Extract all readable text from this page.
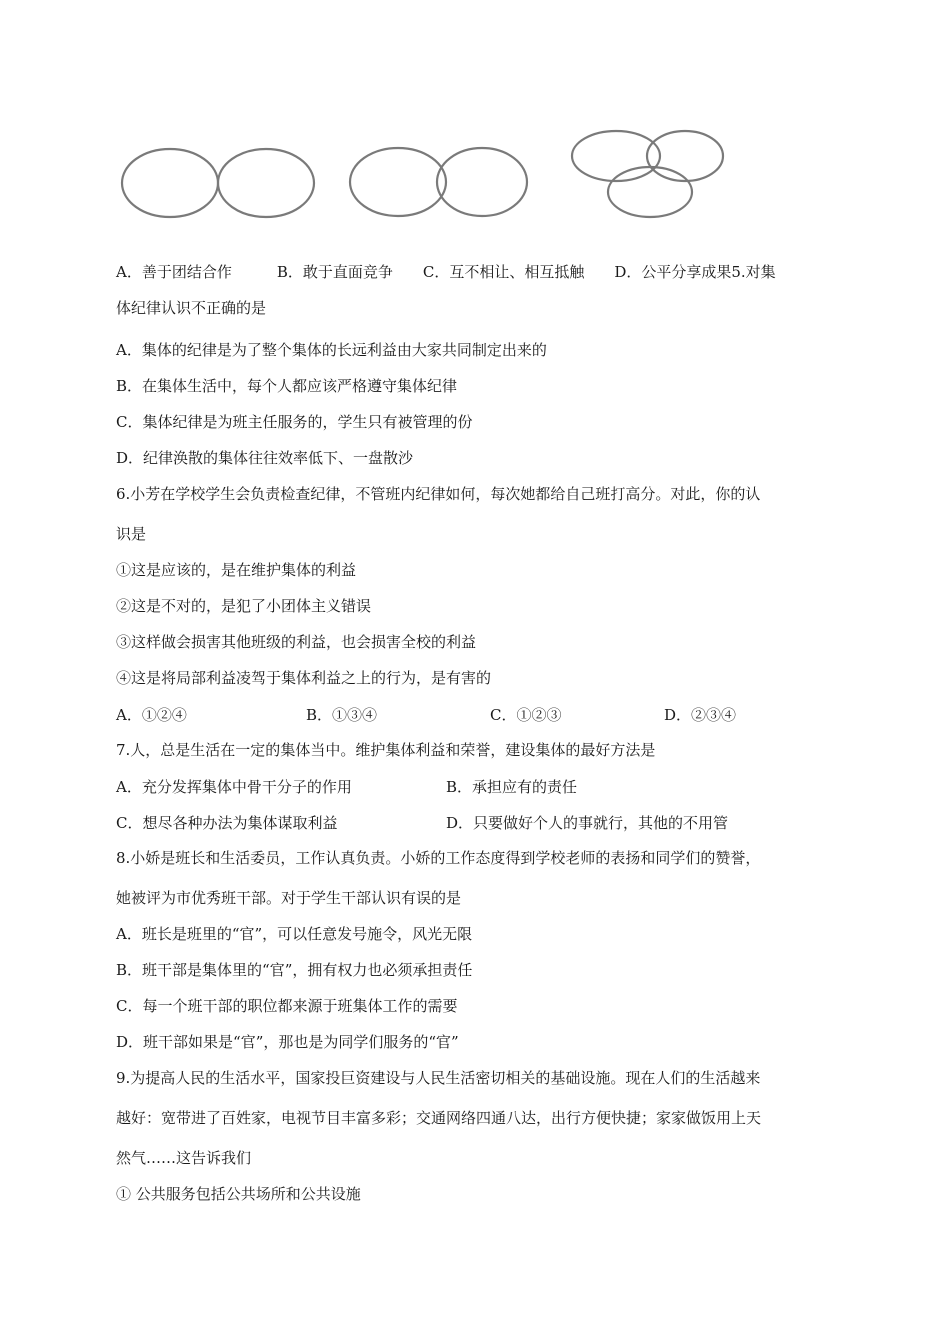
A．善于团结合作　　　B．敢于直面竞争　　C．互不相让、相互抵触　　D．公平分享成果5.对集
体纪律认识不正确的是
A．集体的纪律是为了整个集体的长远利益由大家共同制定出来的
B．在集体生活中，每个人都应该严格遵守集体纪律
C．集体纪律是为班主任服务的，学生只有被管理的份
D．纪律涣散的集体往往效率低下、一盘散沙
6.小芳在学校学生会负责检查纪律，不管班内纪律如何，每次她都给自己班打高分。对此，你的认
识是
①这是应该的，是在维护集体的利益
②这是不对的，是犯了小团体主义错误
③这样做会损害其他班级的利益，也会损害全校的利益
④这是将局部利益凌驾于集体利益之上的行为，是有害的
A．①②④	B．①③④	C．①②③	D．②③④
7.人，总是生活在一定的集体当中。维护集体利益和荣誉，建设集体的最好方法是
A．充分发挥集体中骨干分子的作用	B．承担应有的责任
C．想尽各种办法为集体谋取利益	D．只要做好个人的事就行，其他的不用管
8.小娇是班长和生活委员，工作认真负责。小娇的工作态度得到学校老师的表扬和同学们的赞誉，
她被评为市优秀班干部。对于学生干部认识有误的是
A．班长是班里的“官”，可以任意发号施令，风光无限
B．班干部是集体里的“官”，拥有权力也必须承担责任
C．每一个班干部的职位都来源于班集体工作的需要
D．班干部如果是“官”，那也是为同学们服务的“官”
9.为提高人民的生活水平，国家投巨资建设与人民生活密切相关的基础设施。现在人们的生活越来
越好：宽带进了百姓家，电视节目丰富多彩；交通网络四通八达，出行方便快捷；家家做饭用上天
然气……这告诉我们
① 公共服务包括公共场所和公共设施
